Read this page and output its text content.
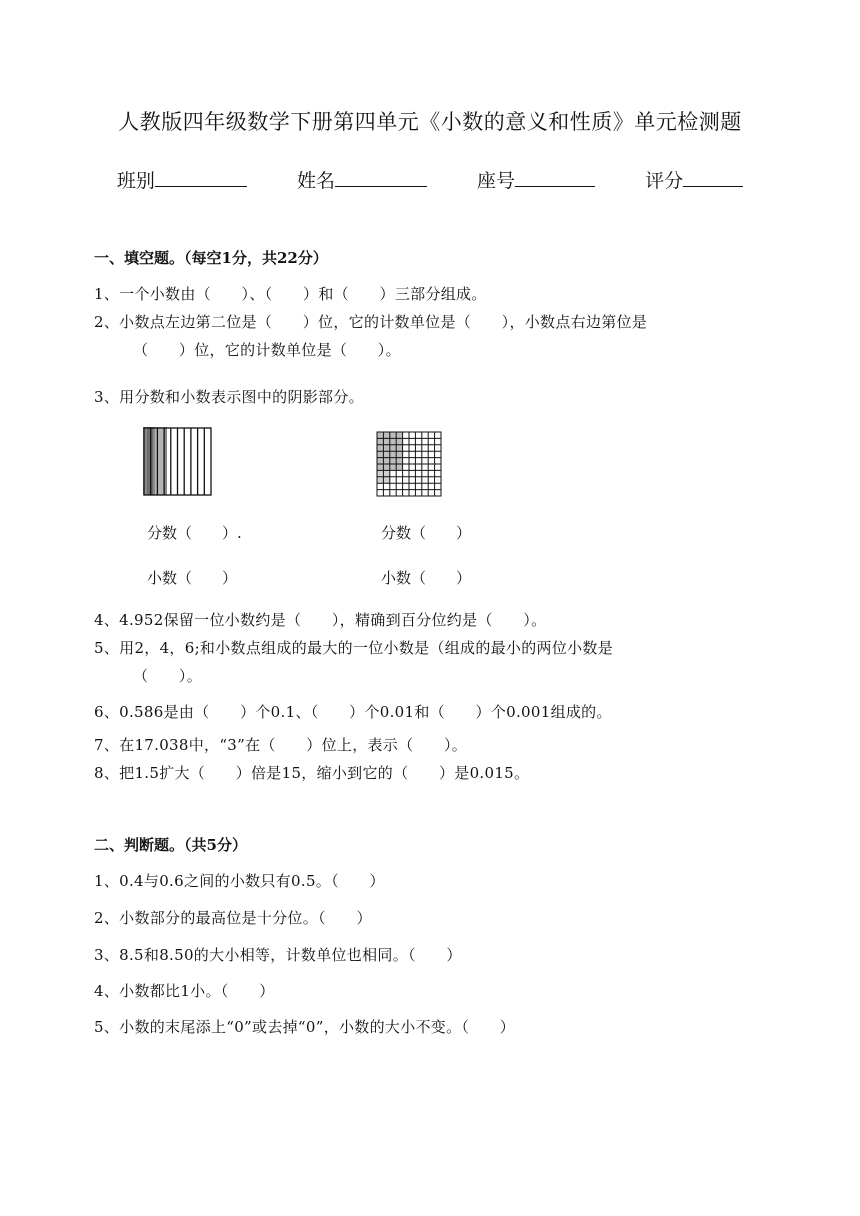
人教版四年级数学下册第四单元《小数的意义和性质》单元检测题
班别	姓名	座号	评分
一、填空题。（每空1分，共22分）
1、一个小数由（　　）、（　　）和（　　）三部分组成。
2、小数点左边第二位是（　　）位，它的计数单位是（　　），小数点右边第位是
（　　）位，它的计数单位是（　　）。
3、用分数和小数表示图中的阴影部分。
分数（　　）.	分数（　　）
小数（　　）	小数（　　）
4、4.952保留一位小数约是（　　），精确到百分位约是（　　）。
5、用2，4，6;和小数点组成的最大的一位小数是（组成的最小的两位小数是
（　　）。
6、0.586是由（　　）个0.1、（　　）个0.01和（　　）个0.001组成的。
7、在17.038中，“3”在（　　）位上，表示（　　）。
8、把1.5扩大（　　）倍是15，缩小到它的（　　）是0.015。
二、判断题。（共5分）
1、0.4与0.6之间的小数只有0.5。（　　）
2、小数部分的最高位是十分位。（　　）
3、8.5和8.50的大小相等，计数单位也相同。（　　）
4、小数都比1小。（　　）
5、小数的末尾添上“0”或去掉“0”，小数的大小不变。（　　）
